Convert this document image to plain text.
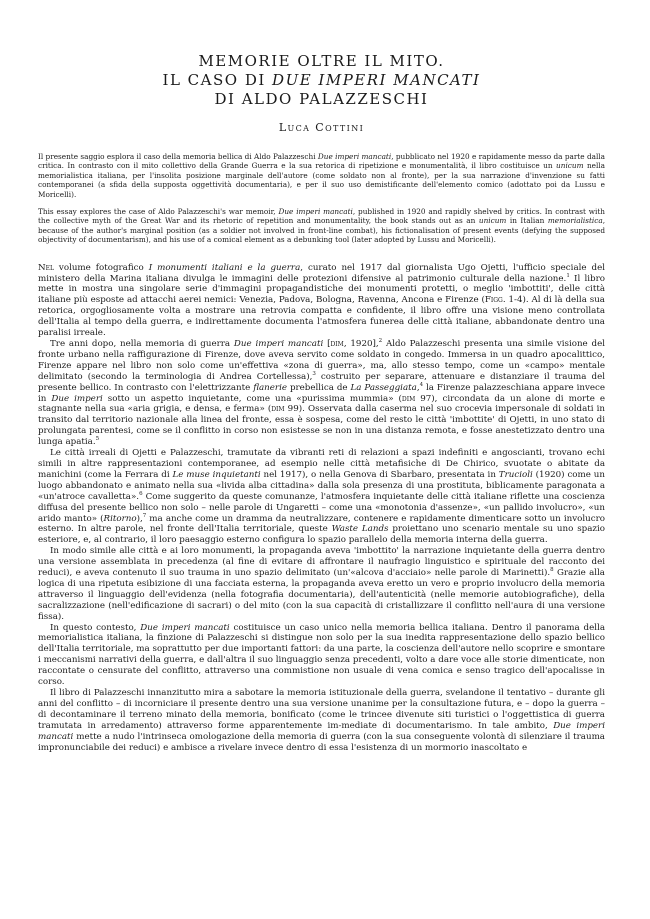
MEMORIE OLTRE IL MITO.
IL CASO DI DUE IMPERI MANCATI
DI ALDO PALAZZESCHI
Luca Cottini

Il presente saggio esplora il caso della memoria bellica di Aldo Palazzeschi Due imperi mancati, pubblicato nel 1920 e rapidamente messo da parte dalla critica. In contrasto con il mito collettivo della Grande Guerra e la sua retorica di ripetizione e monumentalità, il libro costituisce un unicum nella memorialistica italiana, per l'insolita posizione marginale dell'autore (come soldato non al fronte), per la sua narrazione d'invenzione su fatti contemporanei (a sfida della supposta oggettività documentaria), e per il suo uso demistificante dell'elemento comico (adottato poi da Lussu e Moricelli).

This essay explores the case of Aldo Palazzeschi's war memoir, Due imperi mancati, published in 1920 and rapidly shelved by critics. In contrast with the collective myth of the Great War and its rhetoric of repetition and monumentality, the book stands out as an unicum in Italian memorialistica, because of the author's marginal position (as a soldier not involved in front-line combat), his fictionalisation of present events (defying the supposed objectivity of documentarism), and his use of a comical element as a debunking tool (later adopted by Lussu and Moricelli).

Nel volume fotografico I monumenti italiani e la guerra, curato nel 1917 dal giornalista Ugo Ojetti, l'ufficio speciale del ministero della Marina italiana divulga le immagini delle protezioni difensive al patrimonio culturale della nazione.$^1$ Il libro mette in mostra una singolare serie d'immagini propagandistiche dei monumenti protetti, o meglio 'imbottiti', delle città italiane più esposte ad attacchi aerei nemici: Venezia, Padova, Bologna, Ravenna, Ancona e Firenze (Figg. 1-4). Al di là della sua retorica, orgogliosamente volta a mostrare una retrovia compatta e confidente, il libro offre una visione meno controllata dell'Italia al tempo della guerra, e indirettamente documenta l'atmosfera funerea delle città italiane, abbandonate dentro una paralisi irreale.

Tre anni dopo, nella memoria di guerra Due imperi mancati [dim, 1920],$^2$ Aldo Palazzeschi presenta una simile visione del fronte urbano nella raffigurazione di Firenze, dove aveva servito come soldato in congedo. Immersa in un quadro apocalittico, Firenze appare nel libro non solo come un'effettiva «zona di guerra», ma, allo stesso tempo, come un «campo» mentale delimitato (secondo la terminologia di Andrea Cortellessa),$^3$ costruito per separare, attenuare e distanziare il trauma del presente bellico. In contrasto con l'elettrizzante flanerie prebellica de La Passeggiata,$^4$ la Firenze palazzeschiana appare invece in Due imperi sotto un aspetto inquietante, come una «purissima mummia» (dim 97), circondata da un alone di morte e stagnante nella sua «aria grigia, e densa, e ferma» (dim 99). Osservata dalla caserma nel suo crocevia impersonale di soldati in transito dal territorio nazionale alla linea del fronte, essa è sospesa, come del resto le città 'imbottite' di Ojetti, in uno stato di prolungata parentesi, come se il conflitto in corso non esistesse se non in una distanza remota, e fosse anestetizzato dentro una lunga apatia.$^5$

Le città irreali di Ojetti e Palazzeschi, tramutate da vibranti reti di relazioni a spazi indefiniti e angoscianti, trovano echi simili in altre rappresentazioni contemporanee, ad esempio nelle città metafisiche di De Chirico, svuotate o abitate da manichini (come la Ferrara di Le muse inquietanti nel 1917), o nella Genova di Sbarbaro, presentata in Trucioli (1920) come un luogo abbandonato e animato nella sua «livida alba cittadina» dalla sola presenza di una prostituta, biblicamente paragonata a «un'atroce cavalletta».$^6$ Come suggerito da queste comunanze, l'atmosfera inquietante delle città italiane riflette una coscienza diffusa del presente bellico non solo – nelle parole di Ungaretti – come una «monotonia d'assenze», «un pallido involucro», «un arido manto» (Ritorno),$^7$ ma anche come un dramma da neutralizzare, contenere e rapidamente dimenticare sotto un involucro esterno. In altre parole, nel fronte dell'Italia territoriale, queste Waste Lands proiettano uno scenario mentale su uno spazio esteriore, e, al contrario, il loro paesaggio esterno configura lo spazio parallelo della memoria interna della guerra.

In modo simile alle città e ai loro monumenti, la propaganda aveva 'imbottito' la narrazione inquietante della guerra dentro una versione assemblata in precedenza (al fine di evitare di affrontare il naufragio linguistico e spirituale del racconto dei reduci), e aveva contenuto il suo trauma in uno spazio delimitato (un'«alcova d'acciaio» nelle parole di Marinetti).$^8$ Grazie alla logica di una ripetuta esibizione di una facciata esterna, la propaganda aveva eretto un vero e proprio involucro della memoria attraverso il linguaggio dell'evidenza (nella fotografia documentaria), dell'autenticità (nelle memorie autobiografiche), della sacralizzazione (nell'edificazione di sacrari) o del mito (con la sua capacità di cristallizzare il conflitto nell'aura di una versione fissa).

In questo contesto, Due imperi mancati costituisce un caso unico nella memoria bellica italiana. Dentro il panorama della memorialistica italiana, la finzione di Palazzeschi si distingue non solo per la sua inedita rappresentazione dello spazio bellico dell'Italia territoriale, ma soprattutto per due importanti fattori: da una parte, la coscienza dell'autore nello scoprire e smontare i meccanismi narrativi della guerra, e dall'altra il suo linguaggio senza precedenti, volto a dare voce alle storie dimenticate, non raccontate o censurate del conflitto, attraverso una commistione non usuale di vena comica e senso tragico dell'apocalisse in corso.

Il libro di Palazzeschi innanzitutto mira a sabotare la memoria istituzionale della guerra, svelandone il tentativo – durante gli anni del conflitto – di incorniciare il presente dentro una sua versione unanime per la consultazione futura, e – dopo la guerra – di decontaminare il terreno minato della memoria, bonificato (come le trincee divenute siti turistici o l'oggettistica di guerra tramutata in arredamento) attraverso forme apparentemente im-mediate di documentarismo. In tale ambito, Due imperi mancati mette a nudo l'intrinseca omologazione della memoria di guerra (con la sua conseguente volontà di silenziare il trauma impronunciabile dei reduci) e ambisce a rivelare invece dentro di essa l'esistenza di un mormorio inascoltato e
